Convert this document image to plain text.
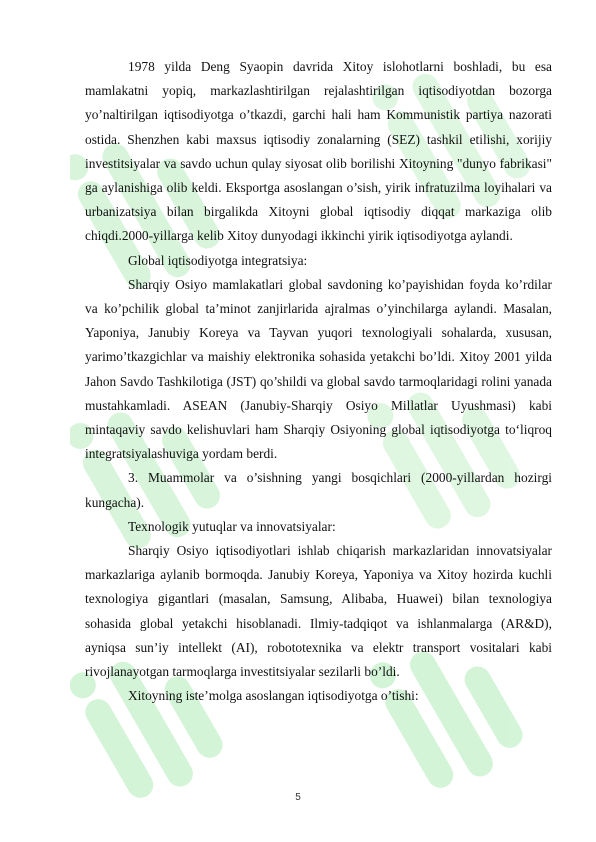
1978 yilda Deng Syaopin davrida Xitoy islohotlarni boshladi, bu esa mamlakatni yopiq, markazlashtirilgan rejalashtirilgan iqtisodiyotdan bozorga yo’naltirilgan iqtisodiyotga o’tkazdi, garchi hali ham Kommunistik partiya nazorati ostida. Shenzhen kabi maxsus iqtisodiy zonalarning (SEZ) tashkil etilishi, xorijiy investitsiyalar va savdo uchun qulay siyosat olib borilishi Xitoyning "dunyo fabrikasi" ga aylanishiga olib keldi. Eksportga asoslangan o’sish, yirik infratuzilma loyihalari va urbanizatsiya bilan birgalikda Xitoyni global iqtisodiy diqqat markaziga olib chiqdi.2000-yillarga kelib Xitoy dunyodagi ikkinchi yirik iqtisodiyotga aylandi.

Global iqtisodiyotga integratsiya:

Sharqiy Osiyo mamlakatlari global savdoning ko’payishidan foyda ko’rdilar va ko’pchilik global ta’minot zanjirlarida ajralmas o’yinchilarga aylandi. Masalan, Yaponiya, Janubiy Koreya va Tayvan yuqori texnologiyali sohalarda, xususan, yarimo’tkazgichlar va maishiy elektronika sohasida yetakchi bo’ldi. Xitoy 2001 yilda Jahon Savdo Tashkilotiga (JST) qo’shildi va global savdo tarmoqlaridagi rolini yanada mustahkamladi. ASEAN (Janubiy-Sharqiy Osiyo Millatlar Uyushmasi) kabi mintaqaviy savdo kelishuvlari ham Sharqiy Osiyoning global iqtisodiyotga to‘liqroq integratsiyalashuviga yordam berdi.

3. Muammolar va o’sishning yangi bosqichlari (2000-yillardan hozirgi kungacha).

Texnologik yutuqlar va innovatsiyalar:

Sharqiy Osiyo iqtisodiyotlari ishlab chiqarish markazlaridan innovatsiyalar markazlariga aylanib bormoqda. Janubiy Koreya, Yaponiya va Xitoy hozirda kuchli texnologiya gigantlari (masalan, Samsung, Alibaba, Huawei) bilan texnologiya sohasida global yetakchi hisoblanadi. Ilmiy-tadqiqot va ishlanmalarga (AR&D), ayniqsa sun’iy intellekt (AI), robototexnika va elektr transport vositalari kabi rivojlanayotgan tarmoqlarga investitsiyalar sezilarli bo’ldi.

Xitoyning iste’molga asoslangan iqtisodiyotga o’tishi:

5
